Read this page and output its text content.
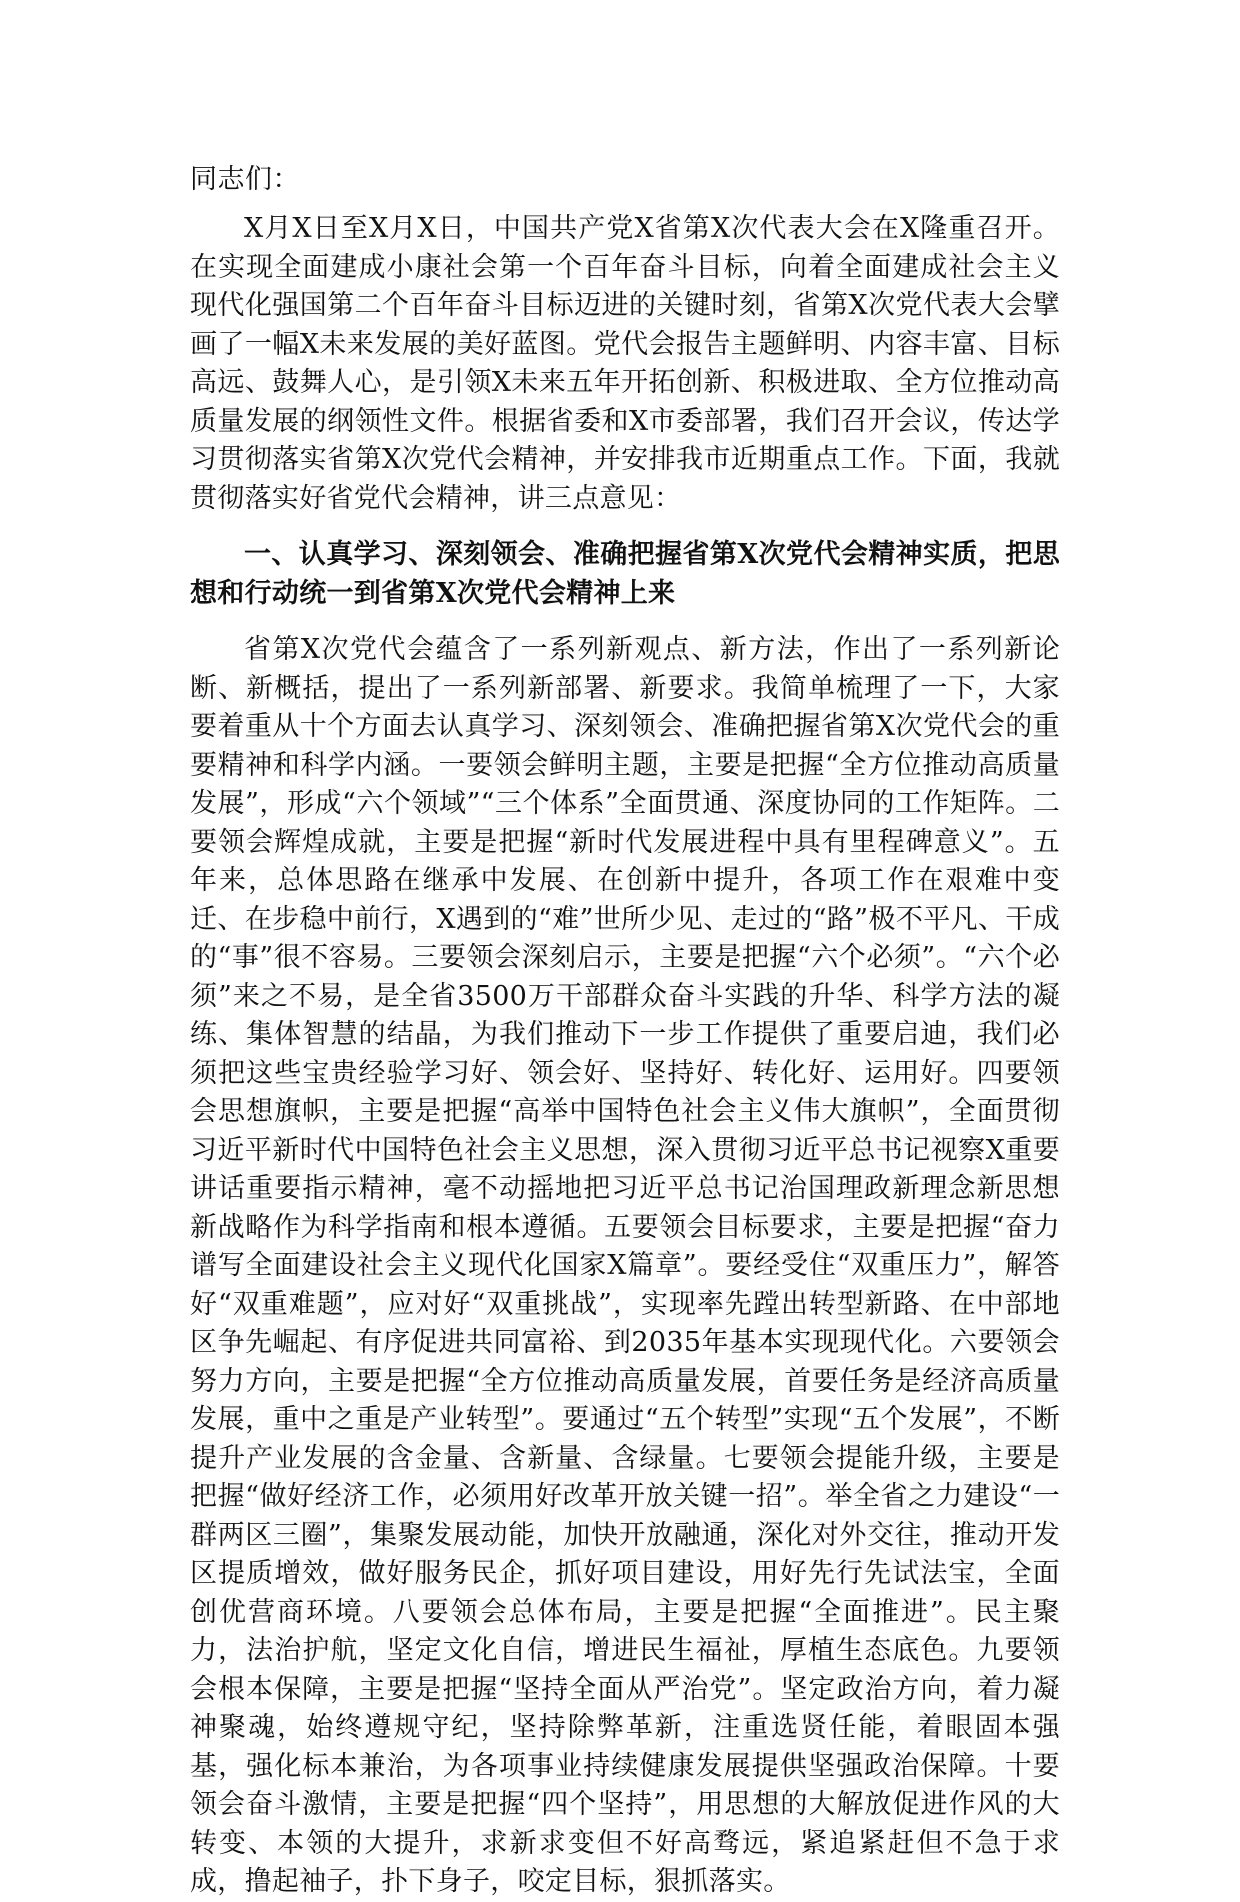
同志们：

X月X日至X月X日，中国共产党X省第X次代表大会在X隆重召开。在实现全面建成小康社会第一个百年奋斗目标，向着全面建成社会主义现代化强国第二个百年奋斗目标迈进的关键时刻，省第X次党代表大会擘画了一幅X未来发展的美好蓝图。党代会报告主题鲜明、内容丰富、目标高远、鼓舞人心，是引领X未来五年开拓创新、积极进取、全方位推动高质量发展的纲领性文件。根据省委和X市委部署，我们召开会议，传达学习贯彻落实省第X次党代会精神，并安排我市近期重点工作。下面，我就贯彻落实好省党代会精神，讲三点意见：

一、认真学习、深刻领会、准确把握省第X次党代会精神实质，把思想和行动统一到省第X次党代会精神上来

省第X次党代会蕴含了一系列新观点、新方法，作出了一系列新论断、新概括，提出了一系列新部署、新要求。我简单梳理了一下，大家要着重从十个方面去认真学习、深刻领会、准确把握省第X次党代会的重要精神和科学内涵。一要领会鲜明主题，主要是把握“全方位推动高质量发展”，形成“六个领域”“三个体系”全面贯通、深度协同的工作矩阵。二要领会辉煌成就，主要是把握“新时代发展进程中具有里程碑意义”。五年来，总体思路在继承中发展、在创新中提升，各项工作在艰难中变迁、在步稳中前行，X遇到的“难”世所少见、走过的“路”极不平凡、干成的“事”很不容易。三要领会深刻启示，主要是把握“六个必须”。“六个必须”来之不易，是全省3500万干部群众奋斗实践的升华、科学方法的凝练、集体智慧的结晶，为我们推动下一步工作提供了重要启迪，我们必须把这些宝贵经验学习好、领会好、坚持好、转化好、运用好。四要领会思想旗帜，主要是把握“高举中国特色社会主义伟大旗帜”，全面贯彻习近平新时代中国特色社会主义思想，深入贯彻习近平总书记视察X重要讲话重要指示精神，毫不动摇地把习近平总书记治国理政新理念新思想新战略作为科学指南和根本遵循。五要领会目标要求，主要是把握“奋力谱写全面建设社会主义现代化国家X篇章”。要经受住“双重压力”，解答好“双重难题”，应对好“双重挑战”，实现率先蹚出转型新路、在中部地区争先崛起、有序促进共同富裕、到2035年基本实现现代化。六要领会努力方向，主要是把握“全方位推动高质量发展，首要任务是经济高质量发展，重中之重是产业转型”。要通过“五个转型”实现“五个发展”，不断提升产业发展的含金量、含新量、含绿量。七要领会提能升级，主要是把握“做好经济工作，必须用好改革开放关键一招”。举全省之力建设“一群两区三圈”，集聚发展动能，加快开放融通，深化对外交往，推动开发区提质增效，做好服务民企，抓好项目建设，用好先行先试法宝，全面创优营商环境。八要领会总体布局，主要是把握“全面推进”。民主聚力，法治护航，坚定文化自信，增进民生福祉，厚植生态底色。九要领会根本保障，主要是把握“坚持全面从严治党”。坚定政治方向，着力凝神聚魂，始终遵规守纪，坚持除弊革新，注重选贤任能，着眼固本强基，强化标本兼治，为各项事业持续健康发展提供坚强政治保障。十要领会奋斗激情，主要是把握“四个坚持”，用思想的大解放促进作风的大转变、本领的大提升，求新求变但不好高骛远，紧追紧赶但不急于求成，撸起袖子，扑下身子，咬定目标，狠抓落实。
